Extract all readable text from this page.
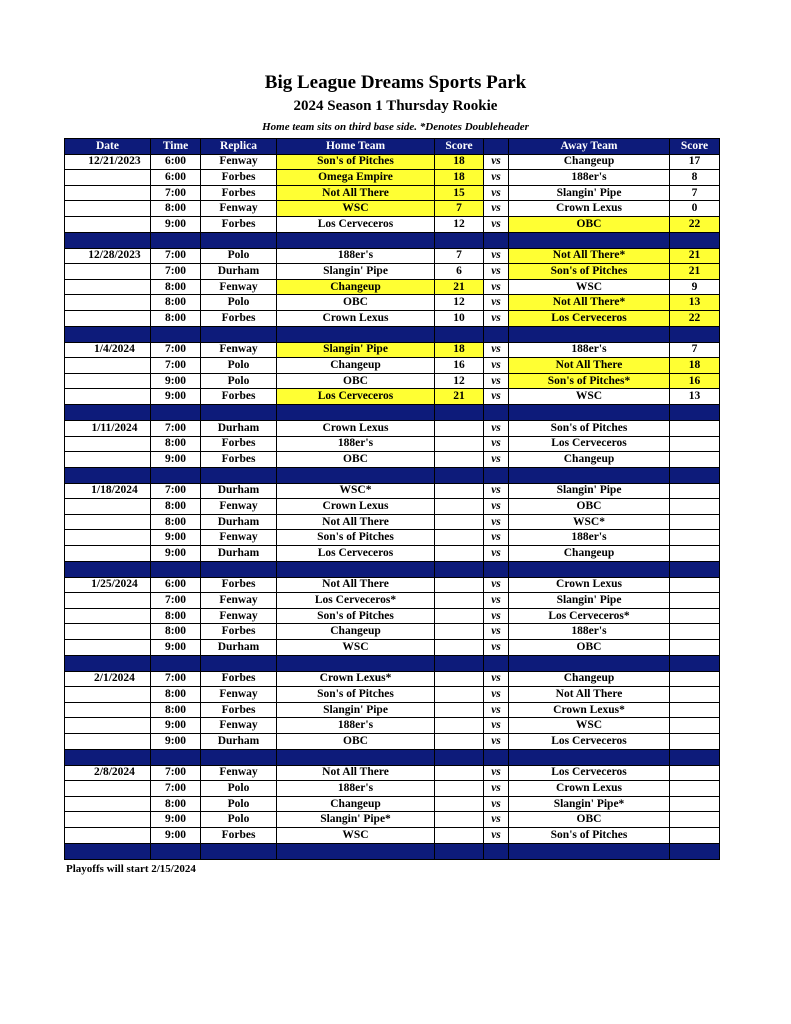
Big League Dreams Sports Park
2024 Season 1 Thursday Rookie
Home team sits on third base side. *Denotes Doubleheader
Date	Time	Replica	Home Team	Score		Away Team	Score
12/21/2023	6:00	Fenway	Son's of Pitches	18	vs	Changeup	17
	6:00	Forbes	Omega Empire	18	vs	188er's	8
	7:00	Forbes	Not All There	15	vs	Slangin' Pipe	7
	8:00	Fenway	WSC	7	vs	Crown Lexus	0
	9:00	Forbes	Los Cerveceros	12	vs	OBC	22

12/28/2023	7:00	Polo	188er's	7	vs	Not All There*	21
	7:00	Durham	Slangin' Pipe	6	vs	Son's of Pitches	21
	8:00	Fenway	Changeup	21	vs	WSC	9
	8:00	Polo	OBC	12	vs	Not All There*	13
	8:00	Forbes	Crown Lexus	10	vs	Los Cerveceros	22

1/4/2024	7:00	Fenway	Slangin' Pipe	18	vs	188er's	7
	7:00	Polo	Changeup	16	vs	Not All There	18
	9:00	Polo	OBC	12	vs	Son's of Pitches*	16
	9:00	Forbes	Los Cerveceros	21	vs	WSC	13

1/11/2024	7:00	Durham	Crown Lexus		vs	Son's of Pitches	
	8:00	Forbes	188er's		vs	Los Cerveceros	
	9:00	Forbes	OBC		vs	Changeup	

1/18/2024	7:00	Durham	WSC*		vs	Slangin' Pipe	
	8:00	Fenway	Crown Lexus		vs	OBC	
	8:00	Durham	Not All There		vs	WSC*	
	9:00	Fenway	Son's of Pitches		vs	188er's	
	9:00	Durham	Los Cerveceros		vs	Changeup	

1/25/2024	6:00	Forbes	Not All There		vs	Crown Lexus	
	7:00	Fenway	Los Cerveceros*		vs	Slangin' Pipe	
	8:00	Fenway	Son's of Pitches		vs	Los Cerveceros*	
	8:00	Forbes	Changeup		vs	188er's	
	9:00	Durham	WSC		vs	OBC	

2/1/2024	7:00	Forbes	Crown Lexus*		vs	Changeup	
	8:00	Fenway	Son's of Pitches		vs	Not All There	
	8:00	Forbes	Slangin' Pipe		vs	Crown Lexus*	
	9:00	Fenway	188er's		vs	WSC	
	9:00	Durham	OBC		vs	Los Cerveceros	

2/8/2024	7:00	Fenway	Not All There		vs	Los Cerveceros	
	7:00	Polo	188er's		vs	Crown Lexus	
	8:00	Polo	Changeup		vs	Slangin' Pipe*	
	9:00	Polo	Slangin' Pipe*		vs	OBC	
	9:00	Forbes	WSC		vs	Son's of Pitches	

Playoffs will start 2/15/2024
